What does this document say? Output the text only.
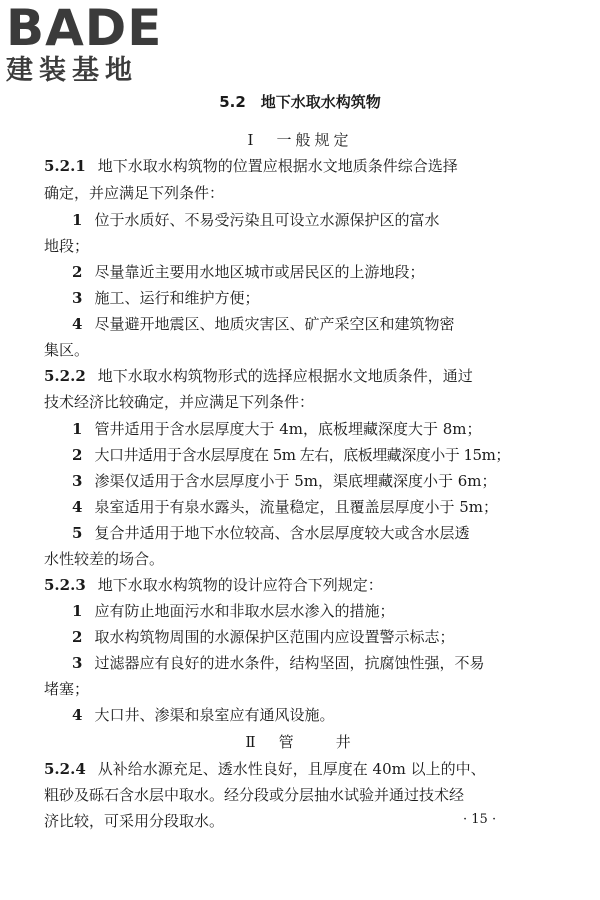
BADE
建装基地
5.2　地下水取水构筑物
Ⅰ　一般规定
5.2.1 地下水取水构筑物的位置应根据水文地质条件综合选择
确定，并应满足下列条件：
1 位于水质好、不易受污染且可设立水源保护区的富水
地段；
2 尽量靠近主要用水地区城市或居民区的上游地段；
3 施工、运行和维护方便；
4 尽量避开地震区、地质灾害区、矿产采空区和建筑物密
集区。
5.2.2 地下水取水构筑物形式的选择应根据水文地质条件，通过
技术经济比较确定，并应满足下列条件：
1 管井适用于含水层厚度大于 4m，底板埋藏深度大于 8m；
2 大口井适用于含水层厚度在 5m 左右，底板埋藏深度小于 15m；
3 渗渠仅适用于含水层厚度小于 5m，渠底埋藏深度小于 6m；
4 泉室适用于有泉水露头，流量稳定，且覆盖层厚度小于 5m；
5 复合井适用于地下水位较高、含水层厚度较大或含水层透
水性较差的场合。
5.2.3 地下水取水构筑物的设计应符合下列规定：
1 应有防止地面污水和非取水层水渗入的措施；
2 取水构筑物周围的水源保护区范围内应设置警示标志；
3 过滤器应有良好的进水条件，结构坚固，抗腐蚀性强，不易
堵塞；
4 大口井、渗渠和泉室应有通风设施。
Ⅱ　管　　井
5.2.4 从补给水源充足、透水性良好，且厚度在 40m 以上的中、
粗砂及砾石含水层中取水。经分段或分层抽水试验并通过技术经
济比较，可采用分段取水。	· 15 ·
